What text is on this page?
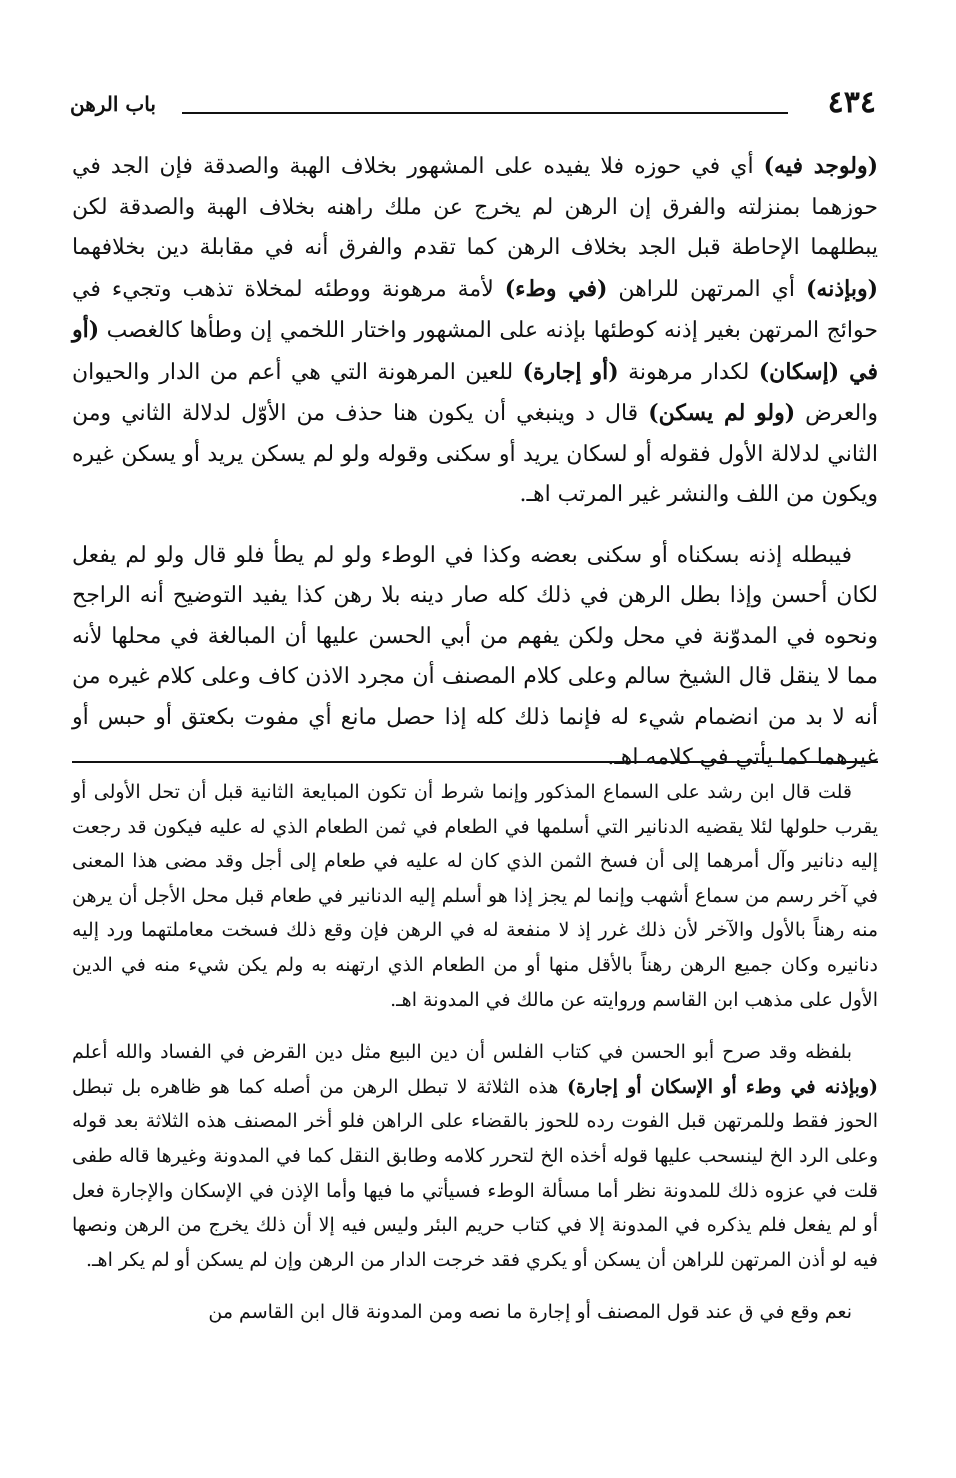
٤٣٤
باب الرهن

(ولوجد فيه) أي في حوزه فلا يفيده على المشهور بخلاف الهبة والصدقة فإن الجد في حوزهما بمنزلته والفرق إن الرهن لم يخرج عن ملك راهنه بخلاف الهبة والصدقة لكن يبطلهما الإحاطة قبل الجد بخلاف الرهن كما تقدم والفرق أنه في مقابلة دين بخلافهما (وبإذنه) أي المرتهن للراهن (في وطء) لأمة مرهونة ووطئه لمخلاة تذهب وتجيء في حوائج المرتهن بغير إذنه كوطئها بإذنه على المشهور واختار اللخمي إن وطأها كالغصب (أو في (إسكان) لكدار مرهونة (أو إجارة) للعين المرهونة التي هي أعم من الدار والحيوان والعرض (ولو لم يسكن) قال د وينبغي أن يكون هنا حذف من الأوّل لدلالة الثاني ومن الثاني لدلالة الأول فقوله أو لسكان يريد أو سكنى وقوله ولو لم يسكن يريد أو يسكن غيره ويكون من اللف والنشر غير المرتب اهـ.

فيبطله إذنه بسكناه أو سكنى بعضه وكذا في الوطء ولو لم يطأ فلو قال ولو لم يفعل لكان أحسن وإذا بطل الرهن في ذلك كله صار دينه بلا رهن كذا يفيد التوضيح أنه الراجح ونحوه في المدوّنة في محل ولكن يفهم من أبي الحسن عليها أن المبالغة في محلها لأنه مما لا ينقل قال الشيخ سالم وعلى كلام المصنف أن مجرد الاذن كاف وعلى كلام غيره من أنه لا بد من انضمام شيء له فإنما ذلك كله إذا حصل مانع أي مفوت بكعتق أو حبس أو غيرهما كما يأتي في كلامه اهـ.

قلت قال ابن رشد على السماع المذكور وإنما شرط أن تكون المبايعة الثانية قبل أن تحل الأولى أو يقرب حلولها لئلا يقضيه الدنانير التي أسلمها في الطعام في ثمن الطعام الذي له عليه فيكون قد رجعت إليه دنانير وآل أمرهما إلى أن فسخ الثمن الذي كان له عليه في طعام إلى أجل وقد مضى هذا المعنى في آخر رسم من سماع أشهب وإنما لم يجز إذا هو أسلم إليه الدنانير في طعام قبل محل الأجل أن يرهن منه رهناً بالأول والآخر لأن ذلك غرر إذ لا منفعة له في الرهن فإن وقع ذلك فسخت معاملتهما ورد إليه دنانيره وكان جميع الرهن رهناً بالأقل منها أو من الطعام الذي ارتهنه به ولم يكن شيء منه في الدين الأول على مذهب ابن القاسم وروايته عن مالك في المدونة اهـ.

بلفظه وقد صرح أبو الحسن في كتاب الفلس أن دين البيع مثل دين القرض في الفساد والله أعلم (وبإذنه في وطء أو الإسكان أو إجارة) هذه الثلاثة لا تبطل الرهن من أصله كما هو ظاهره بل تبطل الحوز فقط وللمرتهن قبل الفوت رده للحوز بالقضاء على الراهن فلو أخر المصنف هذه الثلاثة بعد قوله وعلى الرد الخ لينسحب عليها قوله أخذه الخ لتحرر كلامه وطابق النقل كما في المدونة وغيرها قاله طفى قلت في عزوه ذلك للمدونة نظر أما مسألة الوطء فسيأتي ما فيها وأما الإذن في الإسكان والإجارة فعل أو لم يفعل فلم يذكره في المدونة إلا في كتاب حريم البئر وليس فيه إلا أن ذلك يخرج من الرهن ونصها فيه لو أذن المرتهن للراهن أن يسكن أو يكري فقد خرجت الدار من الرهن وإن لم يسكن أو لم يكر اهـ.

نعم وقع في ق عند قول المصنف أو إجارة ما نصه ومن المدونة قال ابن القاسم من
